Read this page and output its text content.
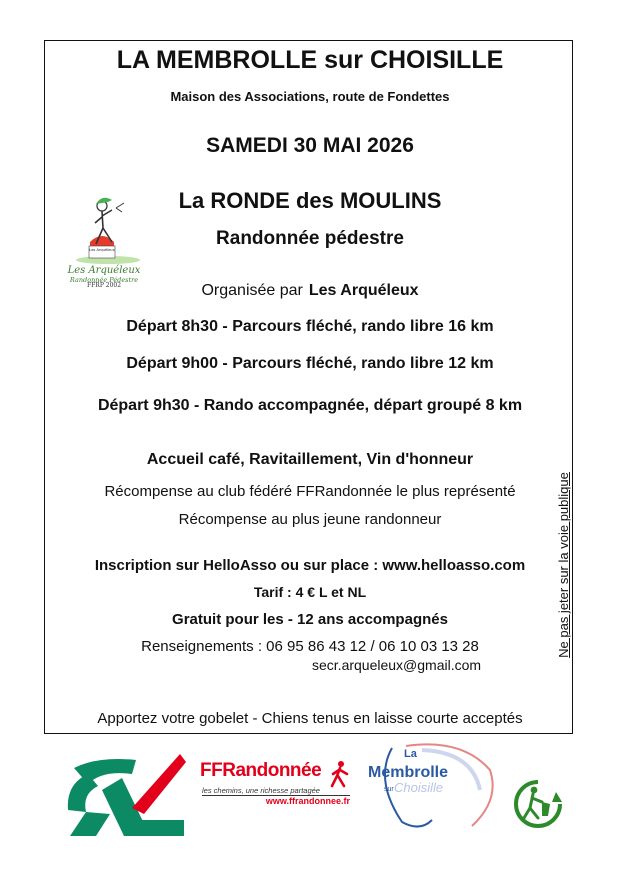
LA MEMBROLLE sur CHOISILLE
Maison des Associations, route de Fondettes
SAMEDI 30 MAI 2026
La RONDE des MOULINS
Randonnée pédestre
Les Arquéleux
Les Arquéleux
Randonnée Pédestre
FFRP 2002	Organisée par Les Arquéleux
Départ 8h30 - Parcours fléché, rando libre 16 km
Départ 9h00 - Parcours fléché, rando libre 12 km
Départ 9h30 - Rando accompagnée, départ groupé 8 km
Accueil café, Ravitaillement, Vin d'honneur
Récompense au club fédéré FFRandonnée le plus représenté
Récompense au plus jeune randonneur
Inscription sur HelloAsso ou sur place : www.helloasso.com
Tarif : 4 € L et NL
Gratuit pour les - 12 ans accompagnés
Renseignements : 06 95 86 43 12 / 06 10 03 13 28
secr.arqueleux@gmail.com
Apportez votre gobelet - Chiens tenus en laisse courte acceptés
Ne pas jeter sur la voie publique
FFRandonnée
les chemins, une richesse partagée
www.ffrandonnee.fr
La
Membrolle
sur Choisille
